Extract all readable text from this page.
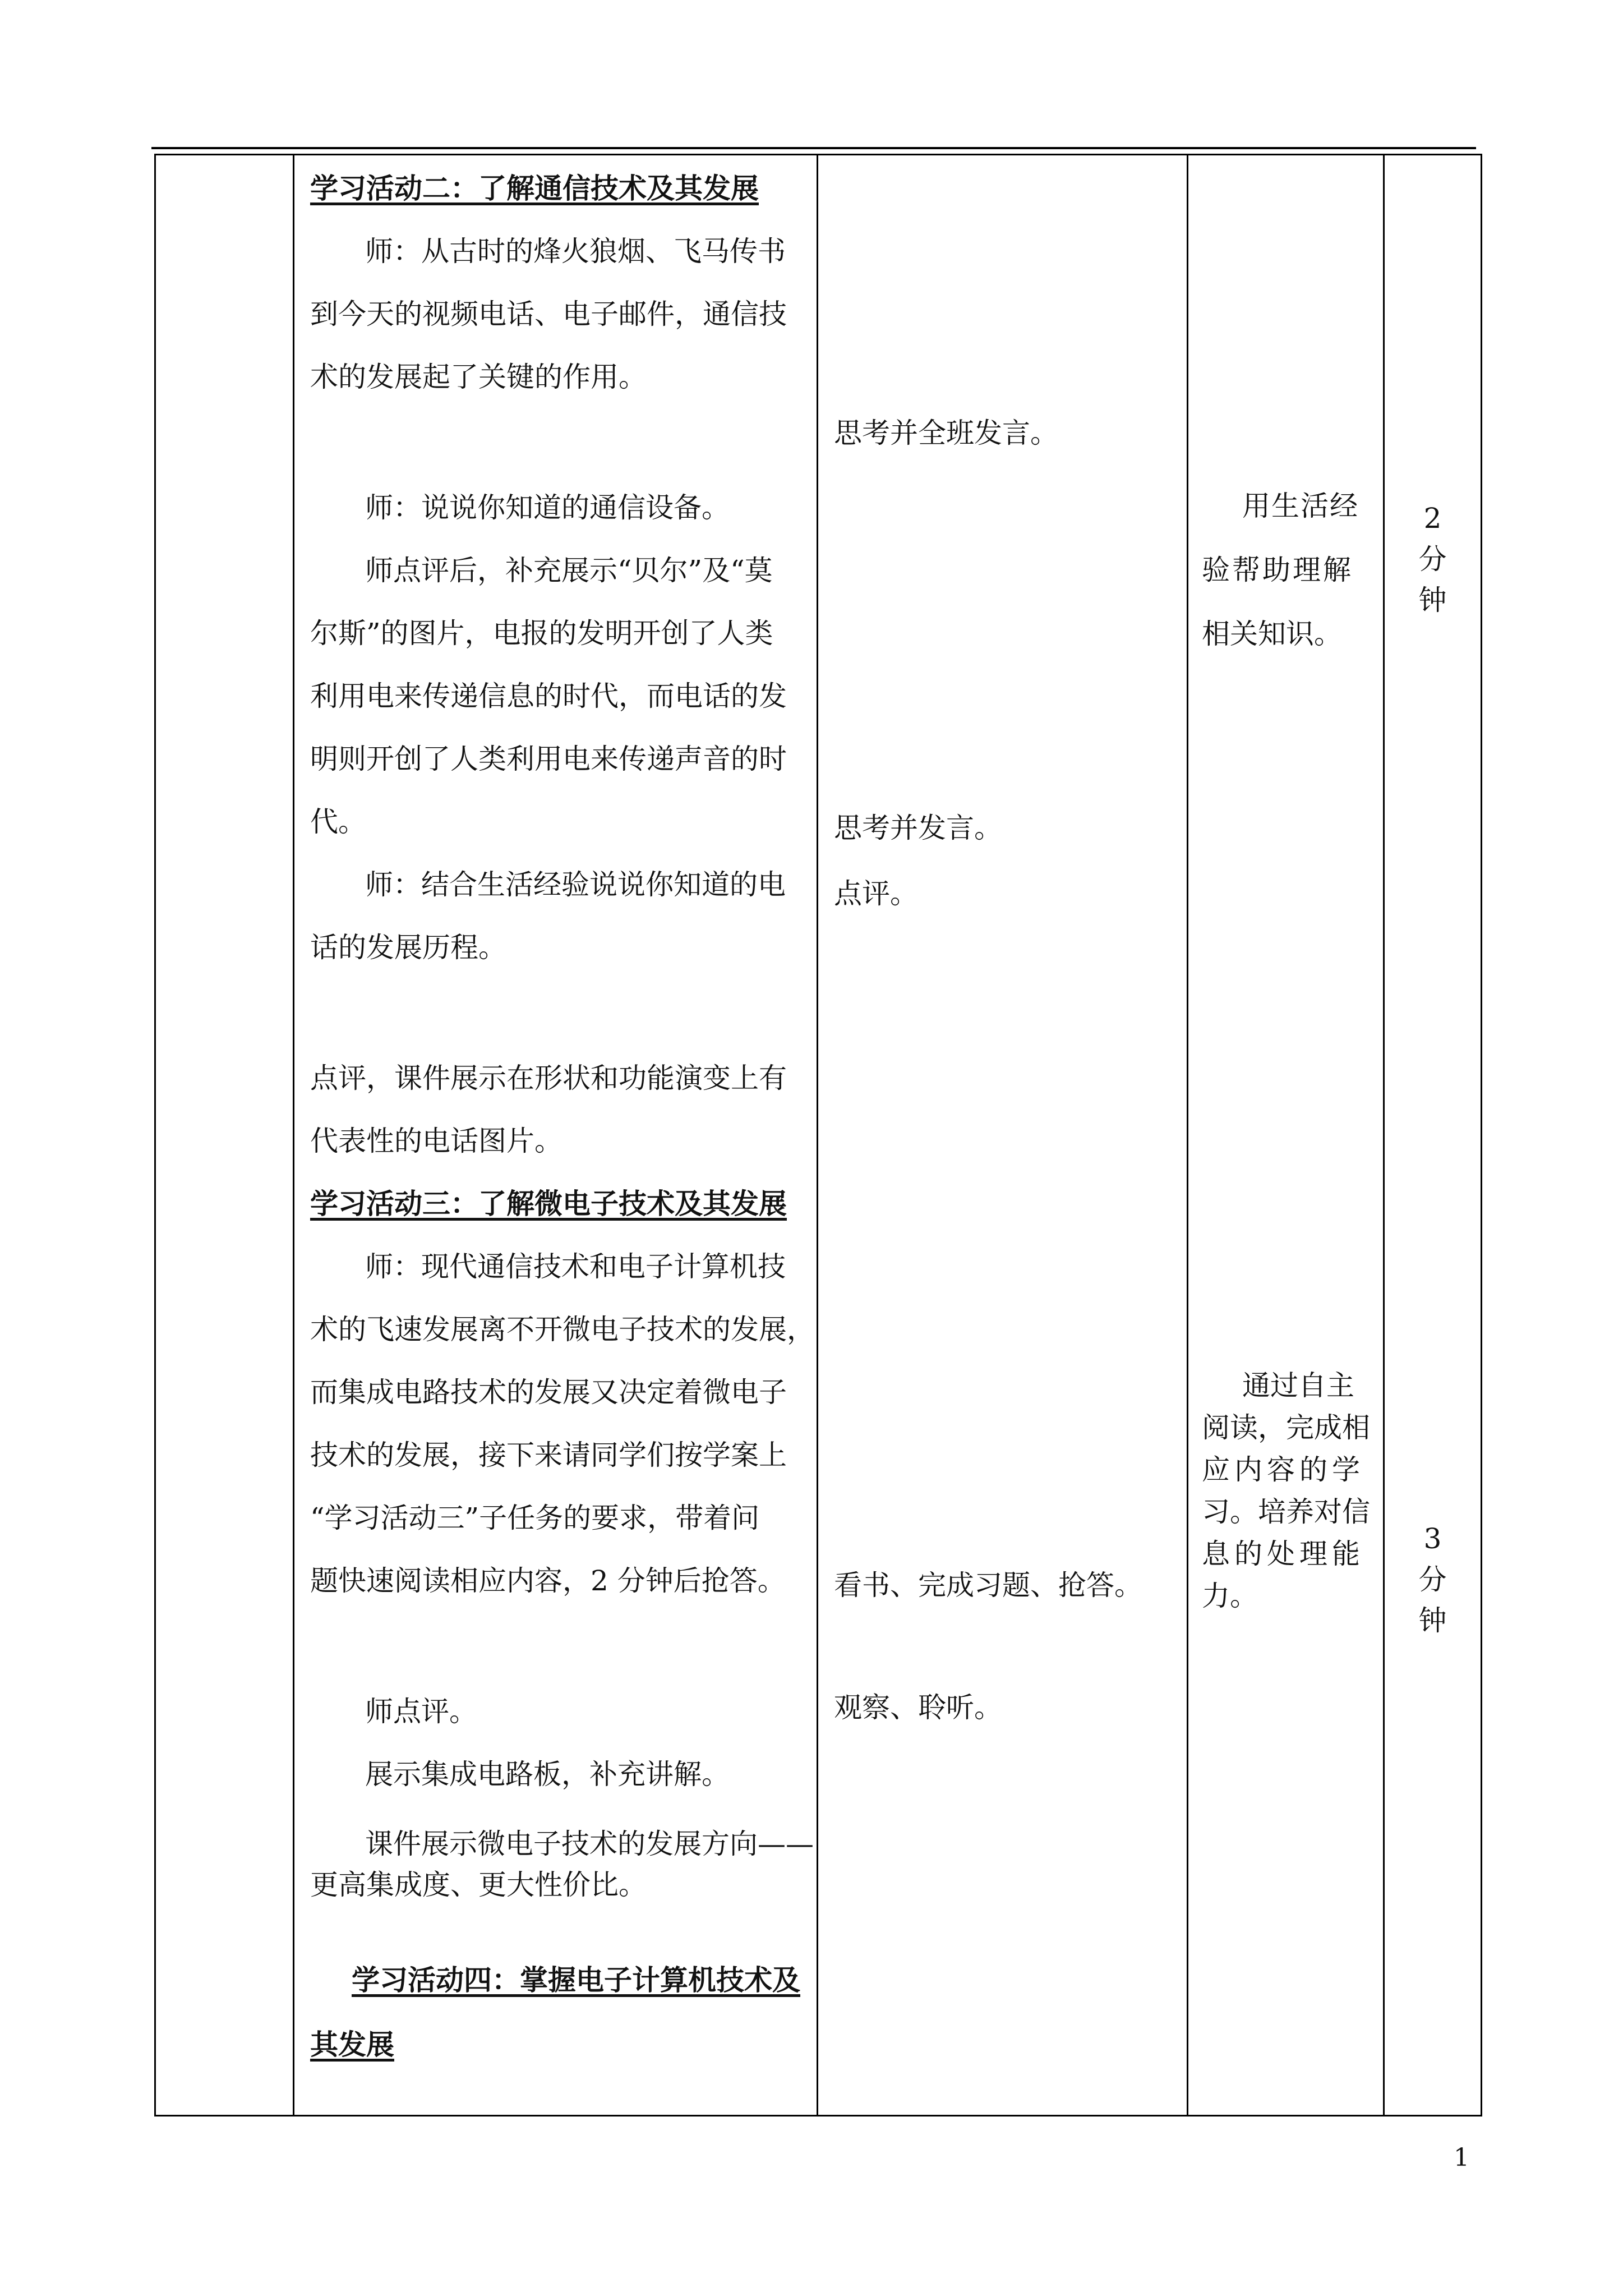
学习活动二：了解通信技术及其发展
师：从古时的烽火狼烟、飞马传书
到今天的视频电话、电子邮件，通信技
术的发展起了关键的作用。
师：说说你知道的通信设备。
师点评后，补充展示“贝尔”及“莫
尔斯”的图片，电报的发明开创了人类
利用电来传递信息的时代，而电话的发
明则开创了人类利用电来传递声音的时
代。
师：结合生活经验说说你知道的电
话的发展历程。
点评，课件展示在形状和功能演变上有
代表性的电话图片。
学习活动三：了解微电子技术及其发展
师：现代通信技术和电子计算机技
术的飞速发展离不开微电子技术的发展，
而集成电路技术的发展又决定着微电子
技术的发展，接下来请同学们按学案上
“学习活动三”子任务的要求，带着问
题快速阅读相应内容，2 分钟后抢答。
师点评。
展示集成电路板，补充讲解。
课件展示微电子技术的发展方向——
更高集成度、更大性价比。
学习活动四：掌握电子计算机技术及
其发展
思考并全班发言。
思考并发言。
点评。
看书、完成习题、抢答。
观察、聆听。
用生活经
验帮助理解
相关知识。
通过自主
阅读，完成相
应内容的学
习。培养对信
息的处理能
力。
2
分
钟
3
分
钟
1
